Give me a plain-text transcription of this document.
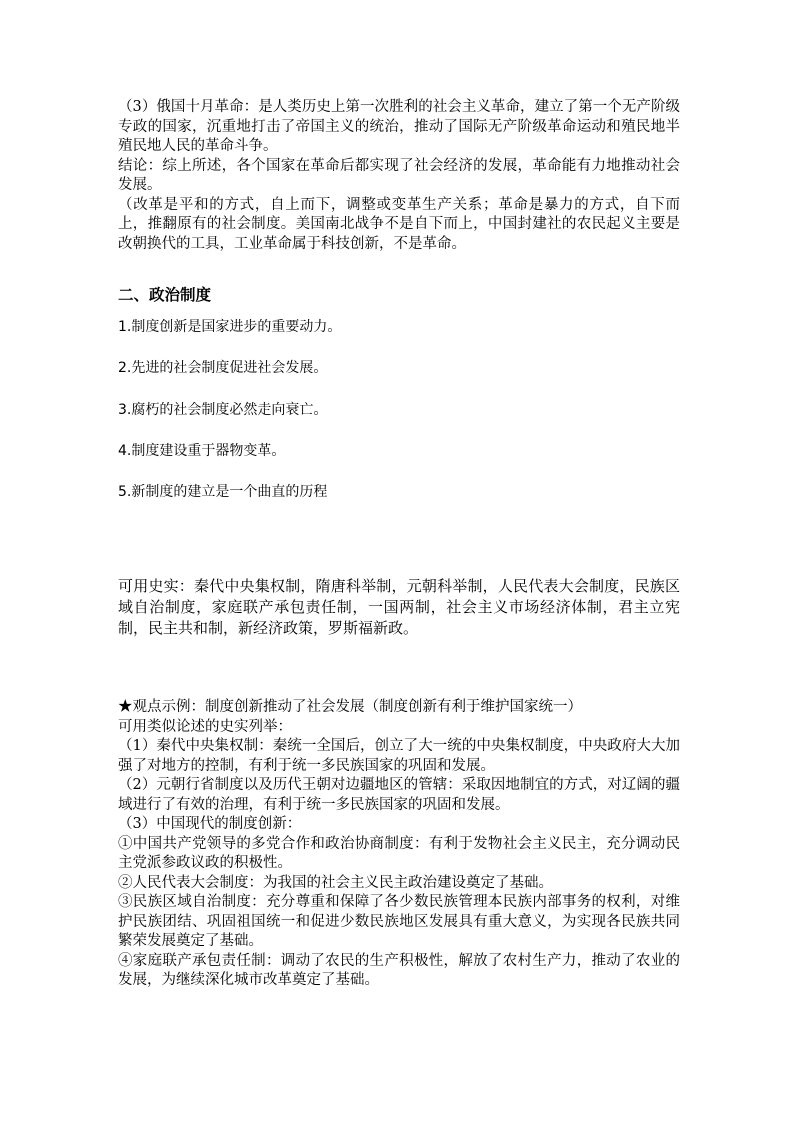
（3）俄国十月革命：是人类历史上第一次胜利的社会主义革命，建立了第一个无产阶级专政的国家，沉重地打击了帝国主义的统治，推动了国际无产阶级革命运动和殖民地半殖民地人民的革命斗争。

结论：综上所述，各个国家在革命后都实现了社会经济的发展，革命能有力地推动社会发展。

（改革是平和的方式，自上而下，调整或变革生产关系；革命是暴力的方式，自下而上，推翻原有的社会制度。美国南北战争不是自下而上，中国封建社的农民起义主要是改朝换代的工具，工业革命属于科技创新，不是革命。

二、政治制度
1.制度创新是国家进步的重要动力。
2.先进的社会制度促进社会发展。
3.腐朽的社会制度必然走向衰亡。
4.制度建设重于器物变革。
5.新制度的建立是一个曲直的历程
可用史实：秦代中央集权制，隋唐科举制，元朝科举制，人民代表大会制度，民族区域自治制度，家庭联产承包责任制，一国两制，社会主义市场经济体制，君主立宪制，民主共和制，新经济政策，罗斯福新政。

★观点示例：制度创新推动了社会发展（制度创新有利于维护国家统一）

可用类似论述的史实列举：

（1）秦代中央集权制：秦统一全国后，创立了大一统的中央集权制度，中央政府大大加强了对地方的控制，有利于统一多民族国家的巩固和发展。

（2）元朝行省制度以及历代王朝对边疆地区的管辖：采取因地制宜的方式，对辽阔的疆域进行了有效的治理，有利于统一多民族国家的巩固和发展。

（3）中国现代的制度创新：

①中国共产党领导的多党合作和政治协商制度：有利于发物社会主义民主，充分调动民主党派参政议政的积极性。

②人民代表大会制度：为我国的社会主义民主政治建设奠定了基础。

③民族区域自治制度：充分尊重和保障了各少数民族管理本民族内部事务的权利，对维护民族团结、巩固祖国统一和促进少数民族地区发展具有重大意义，为实现各民族共同繁荣发展奠定了基础。

④家庭联产承包责任制：调动了农民的生产积极性，解放了农村生产力，推动了农业的发展，为继续深化城市改革奠定了基础。
